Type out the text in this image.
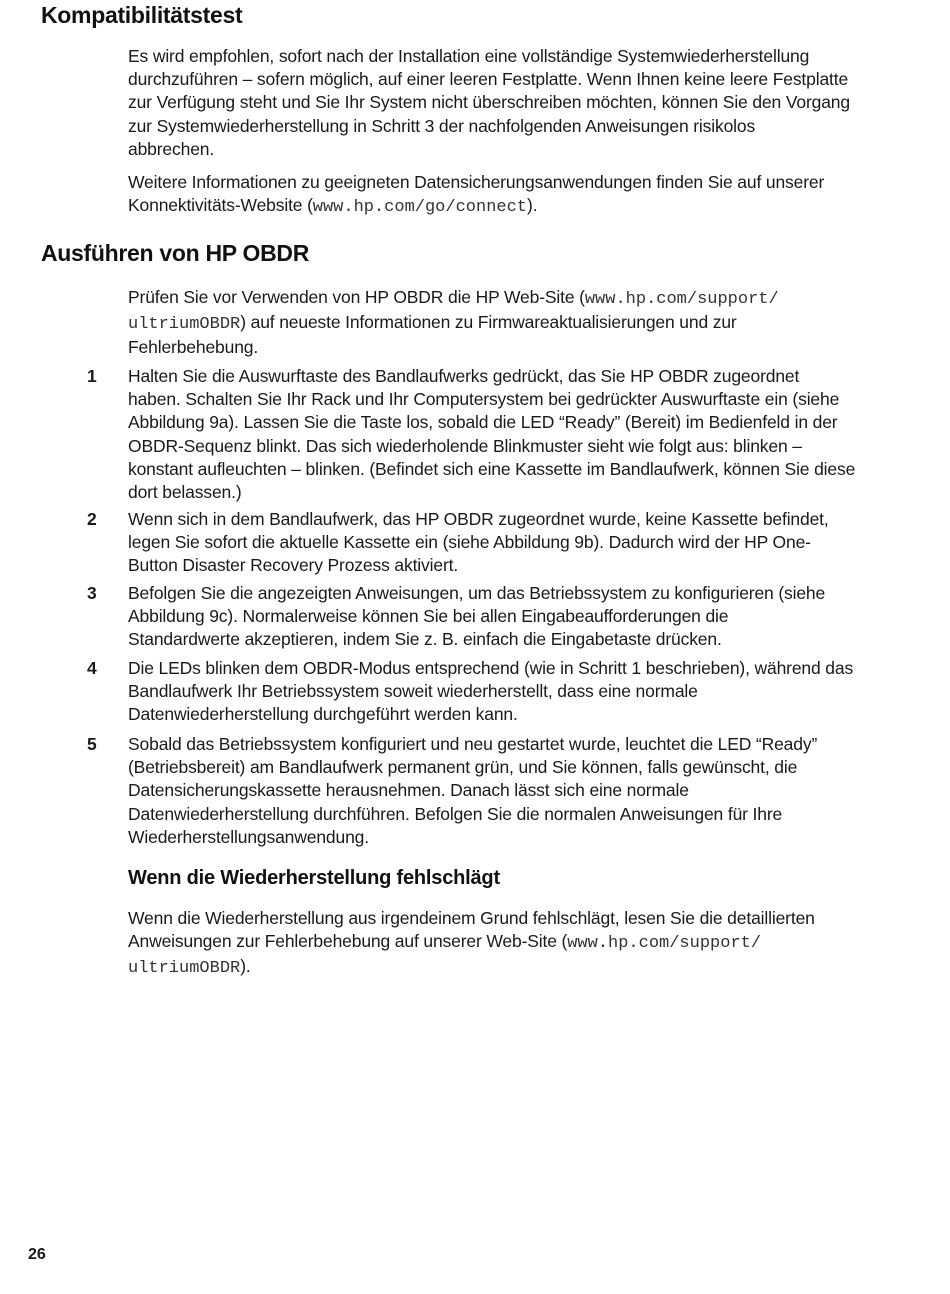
Kompatibilitätstest
Es wird empfohlen, sofort nach der Installation eine vollständige Systemwiederherstellung
durchzuführen – sofern möglich, auf einer leeren Festplatte. Wenn Ihnen keine leere Festplatte
zur Verfügung steht und Sie Ihr System nicht überschreiben möchten, können Sie den Vorgang
zur Systemwiederherstellung in Schritt 3 der nachfolgenden Anweisungen risikolos
abbrechen.
Weitere Informationen zu geeigneten Datensicherungsanwendungen finden Sie auf unserer
Konnektivitäts-Website (www.hp.com/go/connect).
Ausführen von HP OBDR
Prüfen Sie vor Verwenden von HP OBDR die HP Web-Site (www.hp.com/support/
ultriumOBDR) auf neueste Informationen zu Firmwareaktualisierungen und zur
Fehlerbehebung.

1 Halten Sie die Auswurftaste des Bandlaufwerks gedrückt, das Sie HP OBDR zugeordnet
haben. Schalten Sie Ihr Rack und Ihr Computersystem bei gedrückter Auswurftaste ein (siehe
Abbildung 9a). Lassen Sie die Taste los, sobald die LED “Ready” (Bereit) im Bedienfeld in der
OBDR-Sequenz blinkt. Das sich wiederholende Blinkmuster sieht wie folgt aus: blinken –
konstant aufleuchten – blinken. (Befindet sich eine Kassette im Bandlaufwerk, können Sie diese
dort belassen.)

2 Wenn sich in dem Bandlaufwerk, das HP OBDR zugeordnet wurde, keine Kassette befindet,
legen Sie sofort die aktuelle Kassette ein (siehe Abbildung 9b). Dadurch wird der HP One-
Button Disaster Recovery Prozess aktiviert.

3 Befolgen Sie die angezeigten Anweisungen, um das Betriebssystem zu konfigurieren (siehe
Abbildung 9c). Normalerweise können Sie bei allen Eingabeaufforderungen die
Standardwerte akzeptieren, indem Sie z. B. einfach die Eingabetaste drücken.

4 Die LEDs blinken dem OBDR-Modus entsprechend (wie in Schritt 1 beschrieben), während das
Bandlaufwerk Ihr Betriebssystem soweit wiederherstellt, dass eine normale
Datenwiederherstellung durchgeführt werden kann.

5 Sobald das Betriebssystem konfiguriert und neu gestartet wurde, leuchtet die LED “Ready”
(Betriebsbereit) am Bandlaufwerk permanent grün, und Sie können, falls gewünscht, die
Datensicherungskassette herausnehmen. Danach lässt sich eine normale
Datenwiederherstellung durchführen. Befolgen Sie die normalen Anweisungen für Ihre
Wiederherstellungsanwendung.
Wenn die Wiederherstellung fehlschlägt
Wenn die Wiederherstellung aus irgendeinem Grund fehlschlägt, lesen Sie die detaillierten
Anweisungen zur Fehlerbehebung auf unserer Web-Site (www.hp.com/support/
ultriumOBDR).

26
